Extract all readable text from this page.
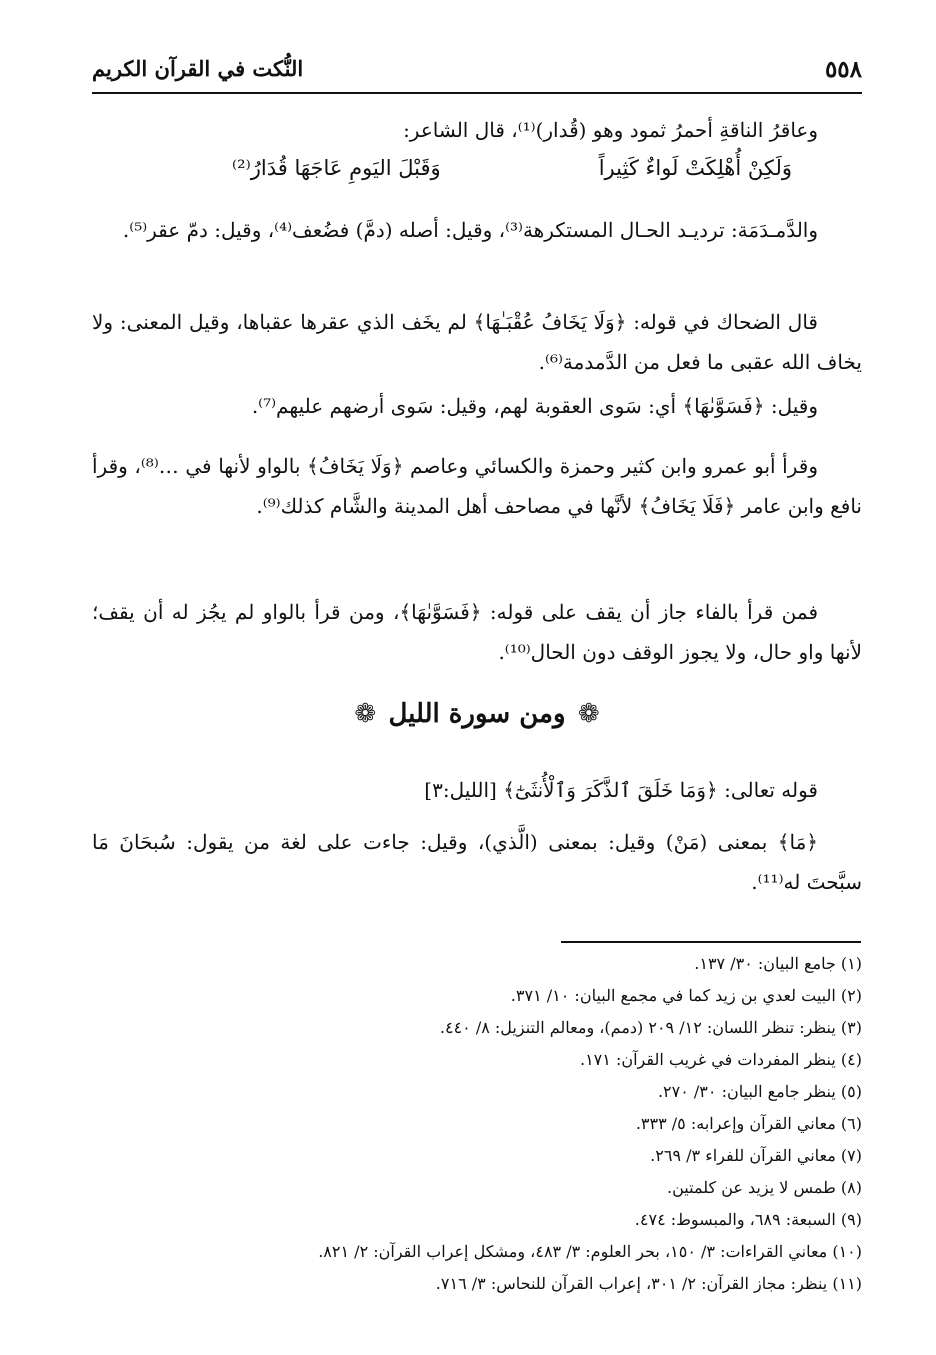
٥٥٨
النُّكت في القرآن الكريم

وعاقرُ الناقةِ أحمرُ ثمود وهو (قُدار)⁽¹⁾، قال الشاعر:

وَلَكِنْ أُهْلِكَتْ لَواءٌ كَثِيراً
وَقَبْلَ اليَومِ عَاجَهَا قُدَارُ⁽²⁾

والدَّمـدَمَة: ترديـد الحـال المستكرهة⁽³⁾، وقيل: أصله (دمَّ) فضُعف⁽⁴⁾، وقيل: دمّ عقر⁽⁵⁾.

قال الضحاك في قوله: ﴿وَلَا يَخَافُ عُقْبَـٰهَا﴾ لم يخَف الذي عقرها عقباها، وقيل المعنى: ولا يخاف الله عقبى ما فعل من الدَّمدمة⁽⁶⁾.

وقيل: ﴿فَسَوَّىٰهَا﴾ أي: سَوى العقوبة لهم، وقيل: سَوى أرضهم عليهم⁽⁷⁾.

وقرأ أبو عمرو وابن كثير وحمزة والكسائي وعاصم ﴿وَلَا يَخَافُ﴾ بالواو لأنها في …⁽⁸⁾، وقرأ نافع وابن عامر ﴿فَلَا يَخَافُ﴾ لأنَّها في مصاحف أهل المدينة والشَّام كذلك⁽⁹⁾.

فمن قرأ بالفاء جاز أن يقف على قوله: ﴿فَسَوَّىٰهَا﴾، ومن قرأ بالواو لم يجُز له أن يقف؛ لأنها واو حال، ولا يجوز الوقف دون الحال⁽¹⁰⁾.

❁ ومن سورة الليل ❁

قوله تعالى: ﴿وَمَا خَلَقَ ٱلذَّكَرَ وَٱلْأُنثَىٰٓ﴾ [الليل:٣]

﴿مَا﴾ بمعنى (مَنْ) وقيل: بمعنى (الَّذي)، وقيل: جاءت على لغة من يقول: سُبحَانَ مَا سبَّحتَ له⁽¹¹⁾.

(١) جامع البيان: ٣٠/ ١٣٧.

(٢) البيت لعدي بن زيد كما في مجمع البيان: ١٠/ ٣٧١.

(٣) ينظر: تنظر اللسان: ١٢/ ٢٠٩ (دمم)، ومعالم التنزيل: ٨/ ٤٤٠.

(٤) ينظر المفردات في غريب القرآن: ١٧١.

(٥) ينظر جامع البيان: ٣٠/ ٢٧٠.

(٦) معاني القرآن وإعرابه: ٥/ ٣٣٣.

(٧) معاني القرآن للفراء ٣/ ٢٦٩.

(٨) طمس لا يزيد عن كلمتين.

(٩) السبعة: ٦٨٩، والمبسوط: ٤٧٤.

(١٠) معاني القراءات: ٣/ ١٥٠، بحر العلوم: ٣/ ٤٨٣، ومشكل إعراب القرآن: ٢/ ٨٢١.

(١١) ينظر: مجاز القرآن: ٢/ ٣٠١، إعراب القرآن للنحاس: ٣/ ٧١٦.
